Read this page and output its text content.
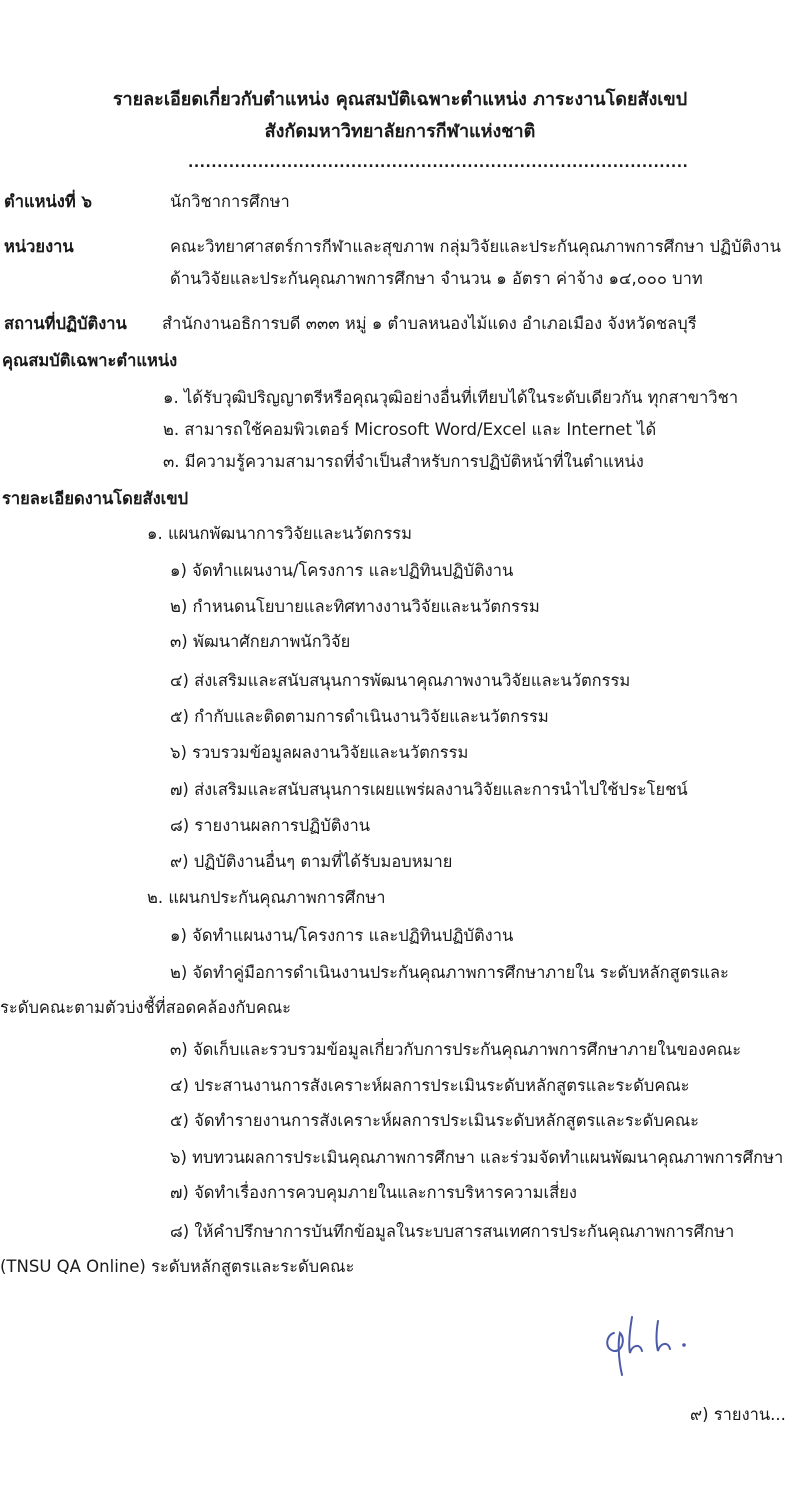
รายละเอียดเกี่ยวกับตำแหน่ง คุณสมบัติเฉพาะตำแหน่ง ภาระงานโดยสังเขป
สังกัดมหาวิทยาลัยการกีฬาแห่งชาติ
......................................................................................
ตำแหน่งที่ ๖	นักวิชาการศึกษา
หน่วยงาน	คณะวิทยาศาสตร์การกีฬาและสุขภาพ กลุ่มวิจัยและประกันคุณภาพการศึกษา ปฏิบัติงาน
ด้านวิจัยและประกันคุณภาพการศึกษา จำนวน ๑ อัตรา ค่าจ้าง ๑๔,๐๐๐ บาท
สถานที่ปฏิบัติงาน สำนักงานอธิการบดี ๓๓๓ หมู่ ๑ ตำบลหนองไม้แดง อำเภอเมือง จังหวัดชลบุรี
คุณสมบัติเฉพาะตำแหน่ง
๑. ได้รับวุฒิปริญญาตรีหรือคุณวุฒิอย่างอื่นที่เทียบได้ในระดับเดียวกัน ทุกสาขาวิชา
๒. สามารถใช้คอมพิวเตอร์ Microsoft Word/Excel และ Internet ได้
๓. มีความรู้ความสามารถที่จำเป็นสำหรับการปฏิบัติหน้าที่ในตำแหน่ง
รายละเอียดงานโดยสังเขป
๑. แผนกพัฒนาการวิจัยและนวัตกรรม
๑) จัดทำแผนงาน/โครงการ และปฏิทินปฏิบัติงาน
๒) กำหนดนโยบายและทิศทางงานวิจัยและนวัตกรรม
๓) พัฒนาศักยภาพนักวิจัย
๔) ส่งเสริมและสนับสนุนการพัฒนาคุณภาพงานวิจัยและนวัตกรรม
๕) กำกับและติดตามการดำเนินงานวิจัยและนวัตกรรม
๖) รวบรวมข้อมูลผลงานวิจัยและนวัตกรรม
๗) ส่งเสริมและสนับสนุนการเผยแพร่ผลงานวิจัยและการนำไปใช้ประโยชน์
๘) รายงานผลการปฏิบัติงาน
๙) ปฏิบัติงานอื่นๆ ตามที่ได้รับมอบหมาย
๒. แผนกประกันคุณภาพการศึกษา
๑) จัดทำแผนงาน/โครงการ และปฏิทินปฏิบัติงาน
๒) จัดทำคู่มือการดำเนินงานประกันคุณภาพการศึกษาภายใน ระดับหลักสูตรและ
ระดับคณะตามตัวบ่งชี้ที่สอดคล้องกับคณะ
๓) จัดเก็บและรวบรวมข้อมูลเกี่ยวกับการประกันคุณภาพการศึกษาภายในของคณะ
๔) ประสานงานการสังเคราะห์ผลการประเมินระดับหลักสูตรและระดับคณะ
๕) จัดทำรายงานการสังเคราะห์ผลการประเมินระดับหลักสูตรและระดับคณะ
๖) ทบทวนผลการประเมินคุณภาพการศึกษา และร่วมจัดทำแผนพัฒนาคุณภาพการศึกษา
๗) จัดทำเรื่องการควบคุมภายในและการบริหารความเสี่ยง
๘) ให้คำปรึกษาการบันทึกข้อมูลในระบบสารสนเทศการประกันคุณภาพการศึกษา
(TNSU QA Online) ระดับหลักสูตรและระดับคณะ
๙) รายงาน...
